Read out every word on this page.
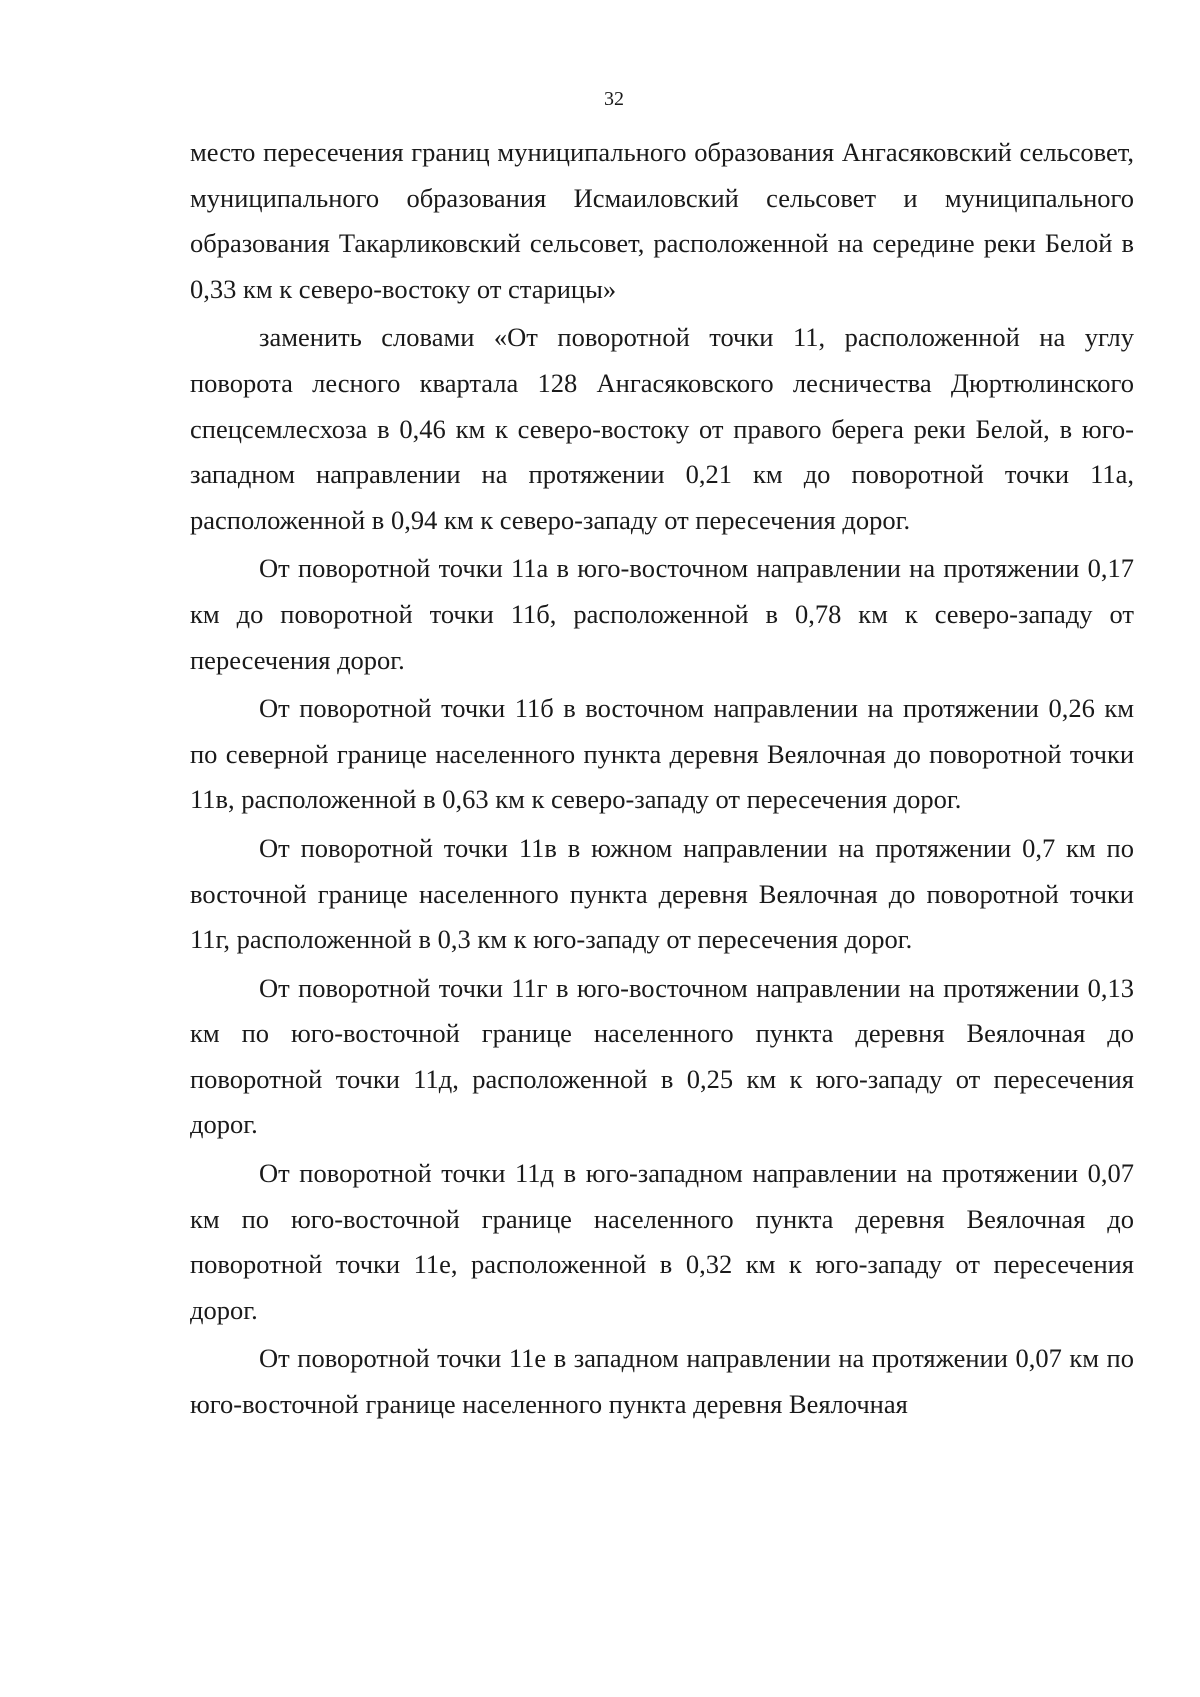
32

место пересечения границ муниципального образования Ангасяковский сельсовет, муниципального образования Исмаиловский сельсовет и муниципального образования Такарликовский сельсовет, расположенной на середине реки Белой в 0,33 км к северо-востоку от старицы»

заменить словами «От поворотной точки 11, расположенной на углу поворота лесного квартала 128 Ангасяковского лесничества Дюртюлинского спецсемлесхоза в 0,46 км к северо-востоку от правого берега реки Белой, в юго-западном направлении на протяжении 0,21 км до поворотной точки 11а, расположенной в 0,94 км к северо-западу от пересечения дорог.

От поворотной точки 11а в юго-восточном направлении на протяжении 0,17 км до поворотной точки 11б, расположенной в 0,78 км к северо-западу от пересечения дорог.

От поворотной точки 11б в восточном направлении на протяжении 0,26 км по северной границе населенного пункта деревня Веялочная до поворотной точки 11в, расположенной в 0,63 км к северо-западу от пересечения дорог.

От поворотной точки 11в в южном направлении на протяжении 0,7 км по восточной границе населенного пункта деревня Веялочная до поворотной точки 11г, расположенной в 0,3 км к юго-западу от пересечения дорог.

От поворотной точки 11г в юго-восточном направлении на протяжении 0,13 км по юго-восточной границе населенного пункта деревня Веялочная до поворотной точки 11д, расположенной в 0,25 км к юго-западу от пересечения дорог.

От поворотной точки 11д в юго-западном направлении на протяжении 0,07 км по юго-восточной границе населенного пункта деревня Веялочная до поворотной точки 11е, расположенной в 0,32 км к юго-западу от пересечения дорог.

От поворотной точки 11е в западном направлении на протяжении 0,07 км по юго-восточной границе населенного пункта деревня Веялочная
